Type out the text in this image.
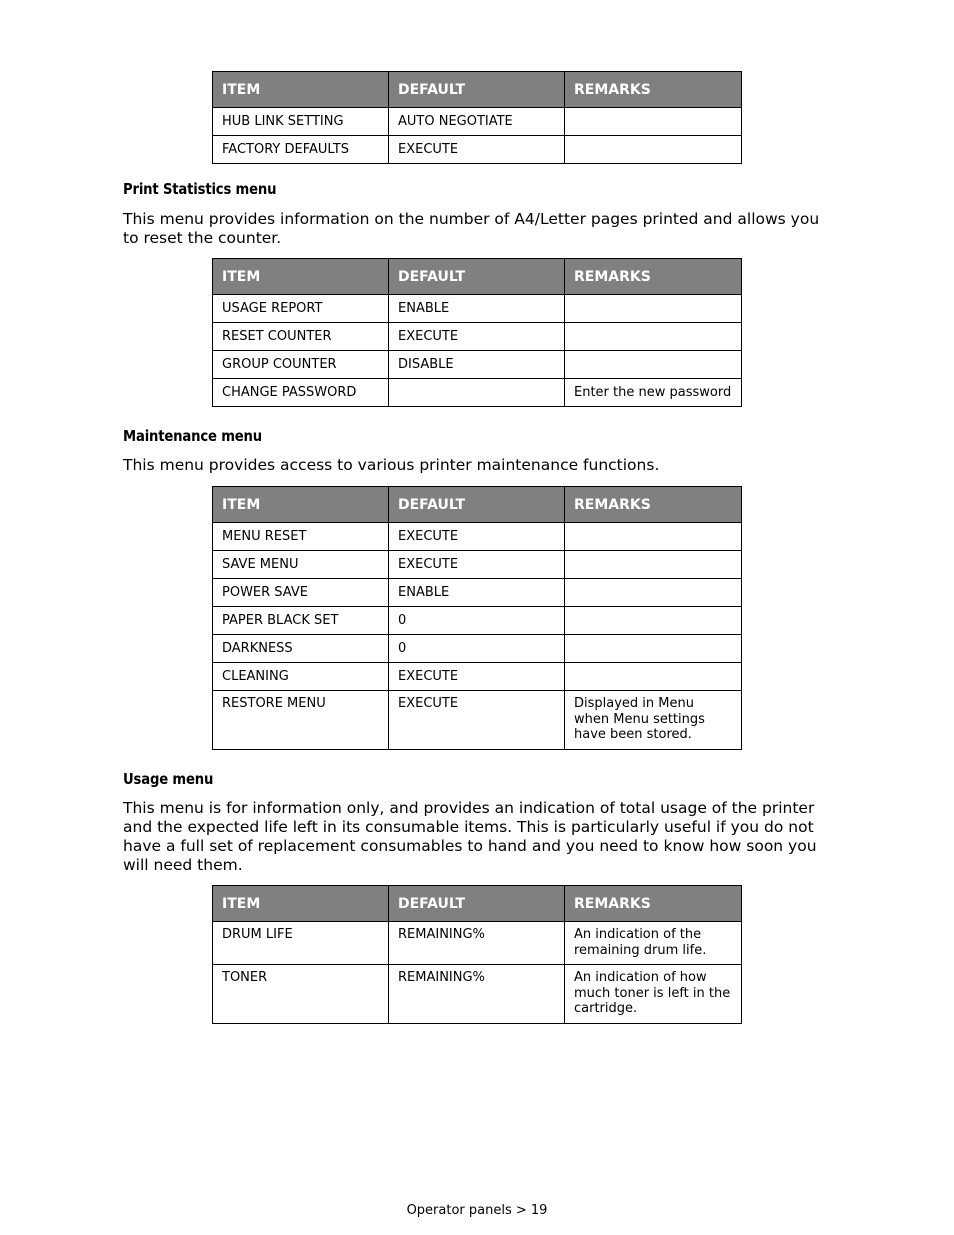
ITEM	DEFAULT	REMARKS
HUB LINK SETTING	AUTO NEGOTIATE	
FACTORY DEFAULTS	EXECUTE	
Print Statistics menu

This menu provides information on the number of A4/Letter pages printed and allows you to reset the counter.

ITEM	DEFAULT	REMARKS
USAGE REPORT	ENABLE	
RESET COUNTER	EXECUTE	
GROUP COUNTER	DISABLE	
CHANGE PASSWORD		Enter the new password
Maintenance menu

This menu provides access to various printer maintenance functions.

ITEM	DEFAULT	REMARKS
MENU RESET	EXECUTE	
SAVE MENU	EXECUTE	
POWER SAVE	ENABLE	
PAPER BLACK SET	0	
DARKNESS	0	
CLEANING	EXECUTE	
RESTORE MENU	EXECUTE	Displayed in Menu when Menu settings have been stored.
Usage menu

This menu is for information only, and provides an indication of total usage of the printer and the expected life left in its consumable items. This is particularly useful if you do not have a full set of replacement consumables to hand and you need to know how soon you will need them.

ITEM	DEFAULT	REMARKS
DRUM LIFE	REMAINING%	An indication of the remaining drum life.
TONER	REMAINING%	An indication of how much toner is left in the cartridge.
Operator panels > 19
